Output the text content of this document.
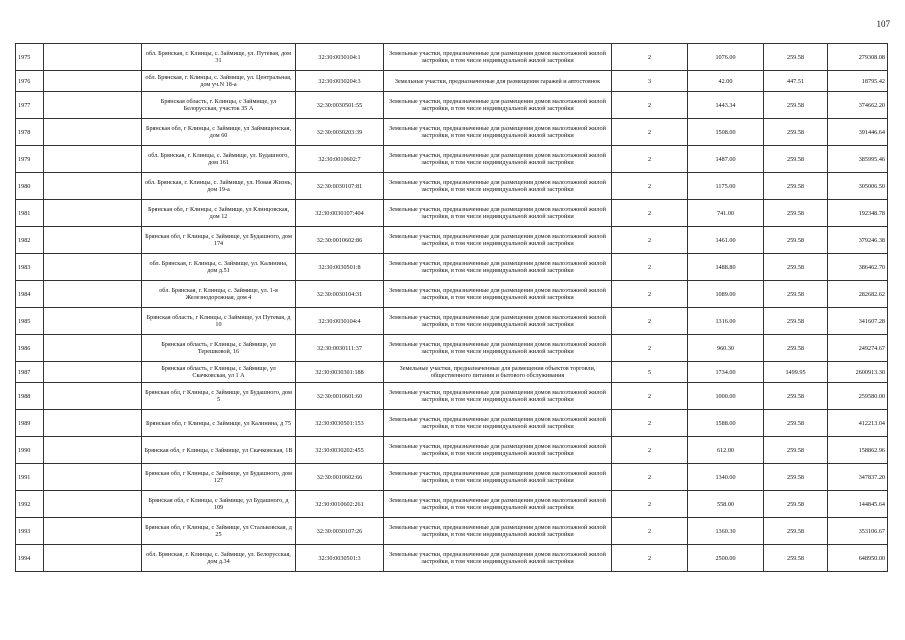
107
1975		обл. Брянская, г. Клинцы, с. Займище, ул. Путевая, дом 31	32:30:0030104:1	Земельные участки, предназначенные для размещения домов малоэтажной жилой застройки, в том числе индивидуальной жилой застройки	2	1076.00	259.58	279308.08
1976		обл. Брянская, г. Клинцы, с. Займище, ул. Центральная, дом уч.N 18-а	32:30:0030204:3	Земельные участки, предназначенные для размещения гаражей и автостоянок	3	42.00	447.51	18795.42
1977		Брянская область, г. Клинцы, с Займище, ул Белорусская, участок 35 А	32:30:0030501:55	Земельные участки, предназначенные для размещения домов малоэтажной жилой застройки, в том числе индивидуальной жилой застройки	2	1443.34	259.58	374662.20
1978		Брянская обл, г Клинцы, с Займище, ул Займищенская, дом 60	32:30:0030203:39	Земельные участки, предназначенные для размещения домов малоэтажной жилой застройки, в том числе индивидуальной жилой застройки	2	1508.00	259.58	391446.64
1979		обл. Брянская, г. Клинцы, с. Займище, ул. Будашного, дом 161	32:30:0010602:7	Земельные участки, предназначенные для размещения домов малоэтажной жилой застройки, в том числе индивидуальной жилой застройки	2	1487.00	259.58	385995.46
1980		обл. Брянская, г. Клинцы, с. Займище, ул. Новая Жизнь, дом 19-а	32:30:0030107:81	Земельные участки, предназначенные для размещения домов малоэтажной жилой застройки, в том числе индивидуальной жилой застройки	2	1175.00	259.58	305006.50
1981		Брянская обл, г Клинцы, с Займище, ул Клинцовская, дом 12	32:30:0030107:404	Земельные участки, предназначенные для размещения домов малоэтажной жилой застройки, в том числе индивидуальной жилой застройки	2	741.00	259.58	192348.78
1982		Брянская обл, г Клинцы, с Займище, ул Будашного, дом 174	32:30:0010602:86	Земельные участки, предназначенные для размещения домов малоэтажной жилой застройки, в том числе индивидуальной жилой застройки	2	1461.00	259.58	379246.38
1983		обл. Брянская, г. Клинцы, с. Займище, ул. Калинина, дом д.51	32:30:0030501:8	Земельные участки, предназначенные для размещения домов малоэтажной жилой застройки, в том числе индивидуальной жилой застройки	2	1488.80	259.58	386462.70
1984		обл. Брянская, г. Клинцы, с. Займище, ул. 1-я Железнодорожная, дом 4	32:30:0030104:31	Земельные участки, предназначенные для размещения домов малоэтажной жилой застройки, в том числе индивидуальной жилой застройки	2	1089.00	259.58	282682.62
1985		Брянская область, г Клинцы, с Займище, ул Путевая, д 10	32:30:0030104:4	Земельные участки, предназначенные для размещения домов малоэтажной жилой застройки, в том числе индивидуальной жилой застройки	2	1316.00	259.58	341607.28
1986		Брянская область, г Клинцы, с Займище, ул Терешковой, 16	32:30:0030111:37	Земельные участки, предназначенные для размещения домов малоэтажной жилой застройки, в том числе индивидуальной жилой застройки	2	960.30	259.58	249274.67
1987		Брянская область, г Клинцы, с Займище, ул Скачковская, ул 1 А	32:30:0030301:188	Земельные участки, предназначенные для размещения объектов торговли, общественного питания и бытового обслуживания	5	1734.00	1499.95	2600913.30
1988		Брянская обл, г Клинцы, с Займище, ул Будашного, дом 5	32:30:0010601:60	Земельные участки, предназначенные для размещения домов малоэтажной жилой застройки, в том числе индивидуальной жилой застройки	2	1000.00	259.58	259580.00
1989		Брянская обл, г Клинцы, с Займище, ул Калинина, д 75	32:30:0030501:153	Земельные участки, предназначенные для размещения домов малоэтажной жилой застройки, в том числе индивидуальной жилой застройки	2	1588.00	259.58	412213.04
1990		Брянская обл, г Клинцы, с Займище, ул Скачковская, 1В	32:30:0030202:455	Земельные участки, предназначенные для размещения домов малоэтажной жилой застройки, в том числе индивидуальной жилой застройки	2	612.00	259.58	158862.96
1991		Брянская обл, г Клинцы, с Займище, ул Будашного, дом 127	32:30:0010602:66	Земельные участки, предназначенные для размещения домов малоэтажной жилой застройки, в том числе индивидуальной жилой застройки	2	1340.00	259.58	347837.20
1992		Брянская обл, г Клинцы, с Займище, ул Будашного, д 109	32:30:0010602:261	Земельные участки, предназначенные для размещения домов малоэтажной жилой застройки, в том числе индивидуальной жилой застройки	2	558.00	259.58	144845.64
1993		Брянская обл, г Клинцы, с Займище, ул Стальковская, д 25	32:30:0030107:26	Земельные участки, предназначенные для размещения домов малоэтажной жилой застройки, в том числе индивидуальной жилой застройки	2	1360.30	259.58	353106.67
1994		обл. Брянская, г. Клинцы, с. Займище, ул. Белорусская, дом д.34	32:30:0030501:3	Земельные участки, предназначенные для размещения домов малоэтажной жилой застройки, в том числе индивидуальной жилой застройки	2	2500.00	259.58	648950.00
